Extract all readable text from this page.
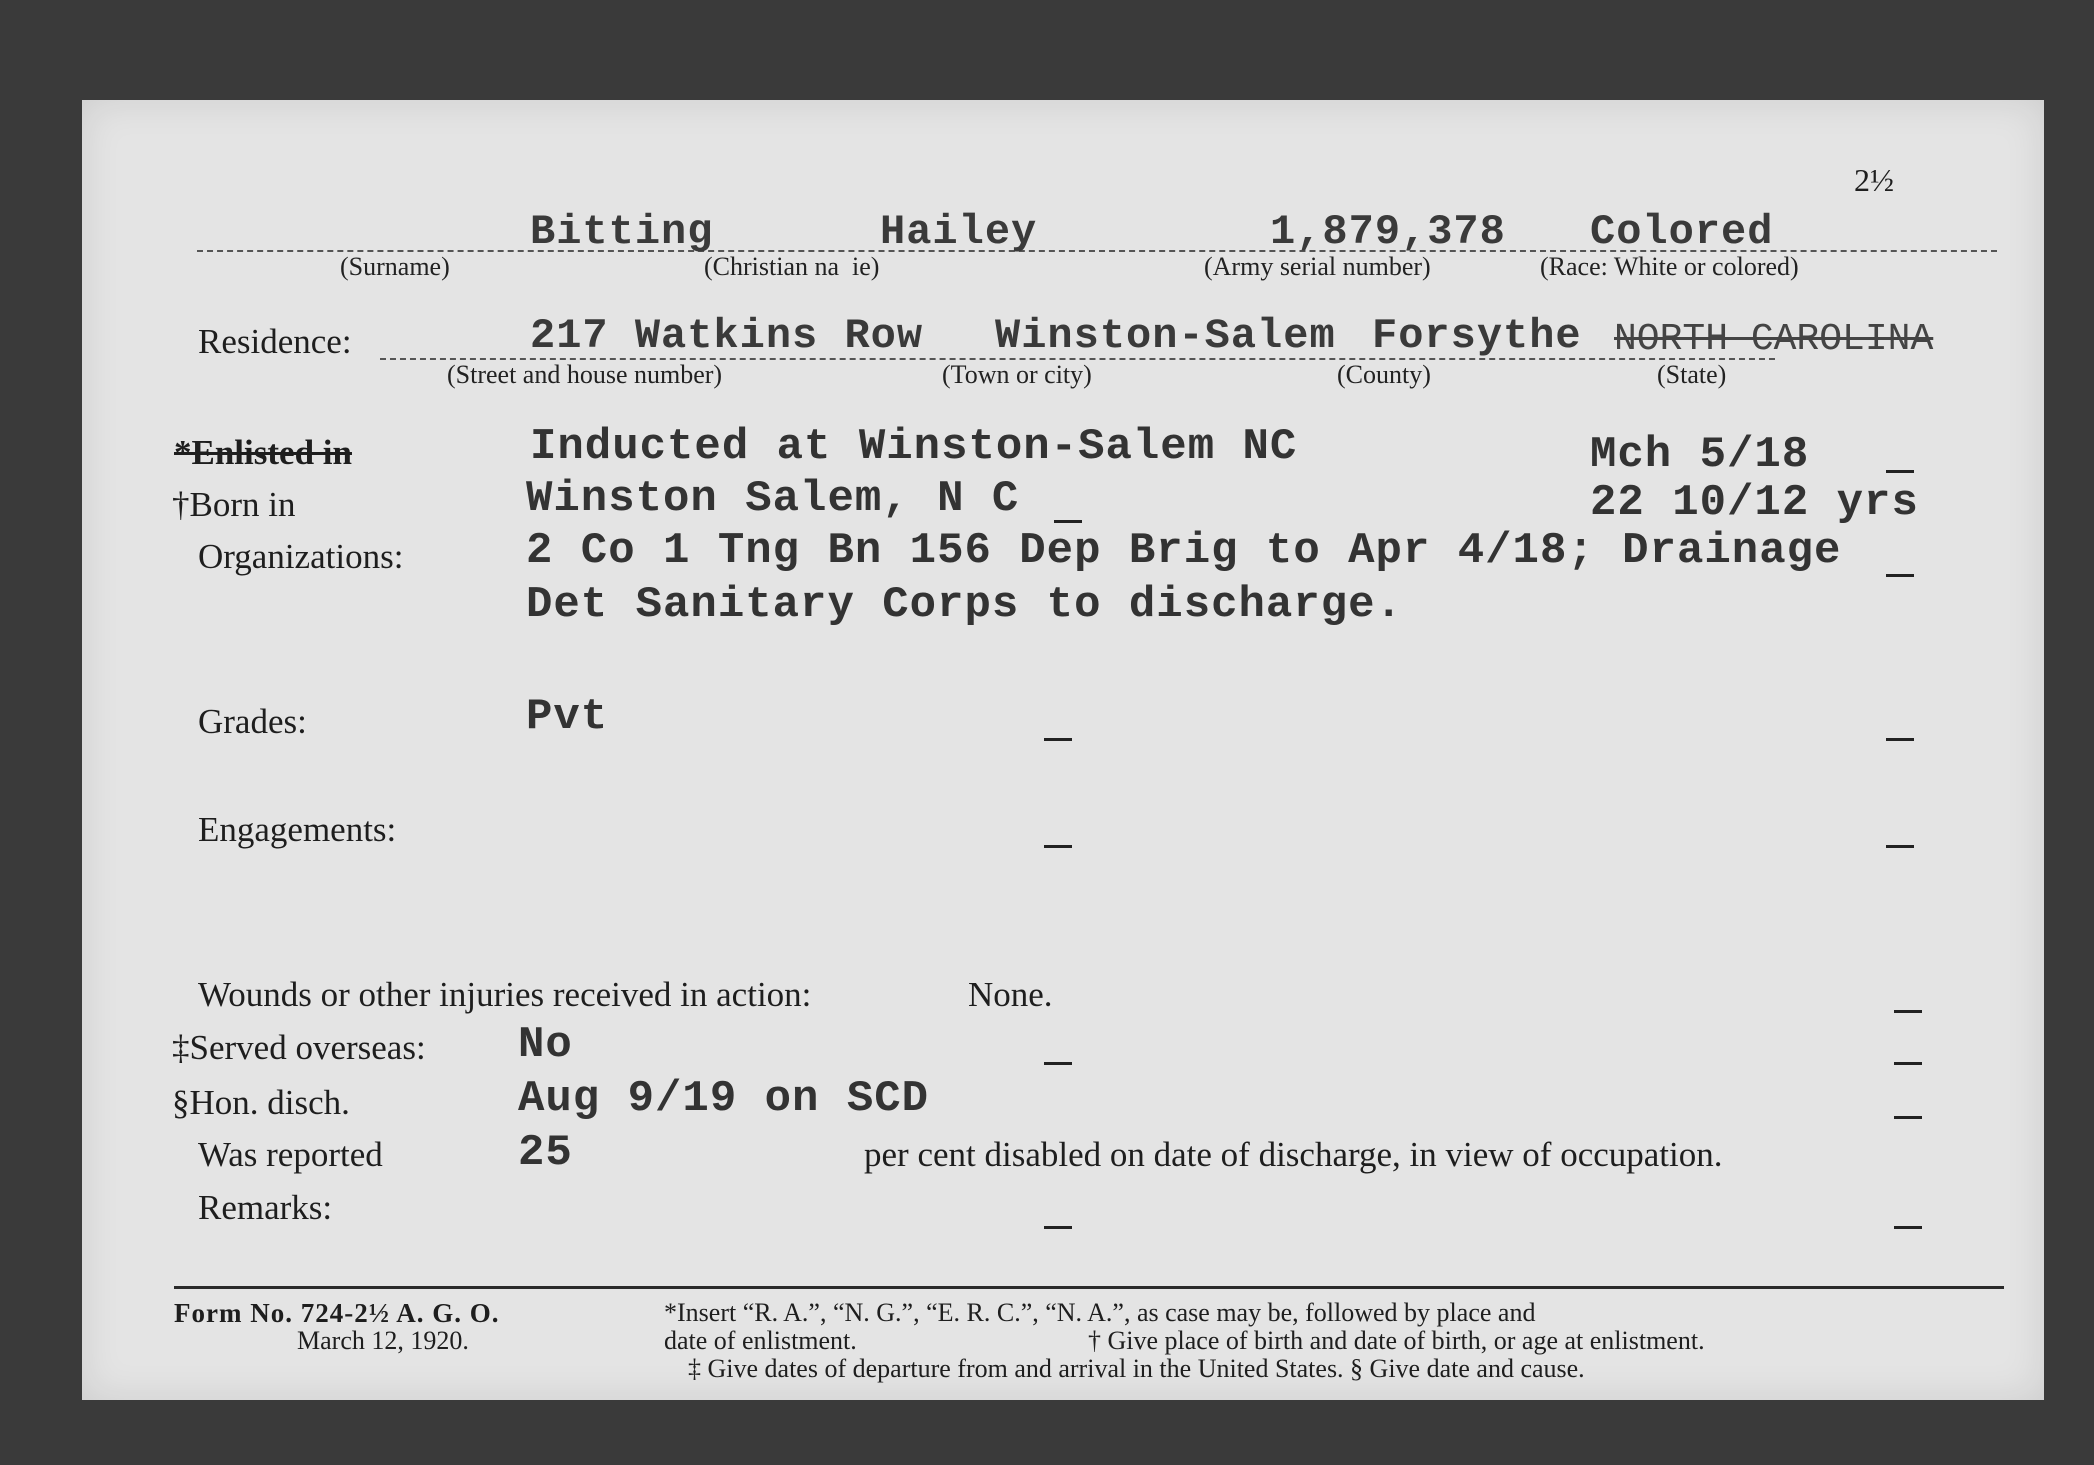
2½
Bitting	Hailey	1,879,378 Colored
(Surname)	(Christian na  ie)	(Army serial number)	(Race: White or colored)
Residence:	217 Watkins Row Winston-Salem Forsythe NORTH CAROLINA
(Street and house number)	(Town or city)	(County)	(State)
*Enlisted in	Inducted at Winston-Salem NC	Mch 5/18
†Born in	Winston Salem, N C	22 10/12 yrs
Organizations:	2 Co 1 Tng Bn 156 Dep Brig to Apr 4/18; Drainage
Det Sanitary Corps to discharge.
Grades:	Pvt
Engagements:
Wounds or other injuries received in action:	None.
‡Served overseas: No
§Hon. disch.	Aug 9/19 on SCD
Was reported	25	per cent disabled on date of discharge, in view of occupation.
Remarks:
Form No. 724-2½ A. G. O.
March 12, 1920.
*Insert “R. A.”, “N. G.”, “E. R. C.”, “N. A.”, as case may be, followed by place and
date of enlistment.	† Give place of birth and date of birth, or age at enlistment.
‡ Give dates of departure from and arrival in the United States. § Give date and cause.
